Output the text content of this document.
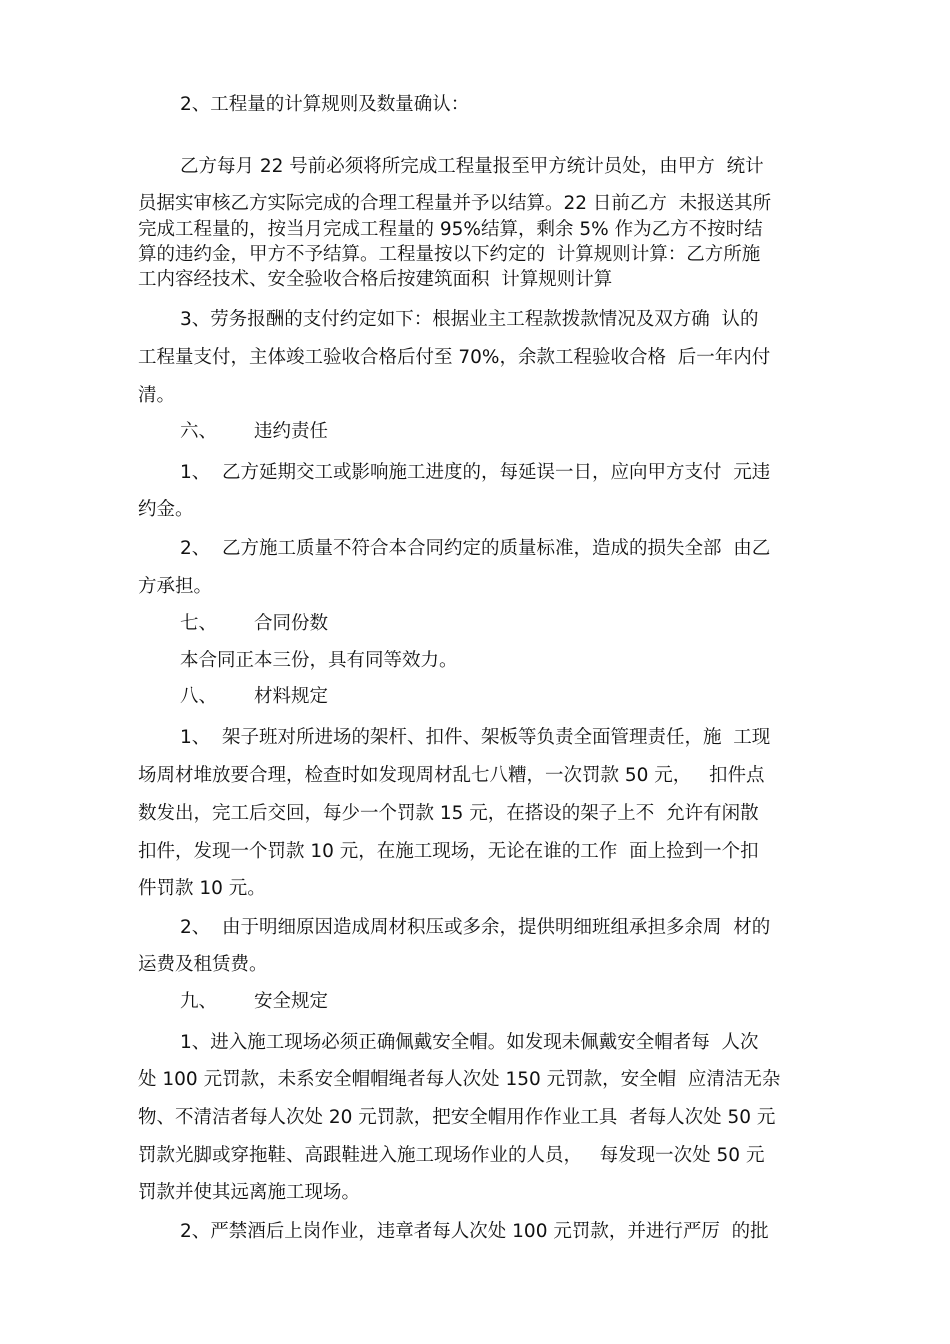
2、工程量的计算规则及数量确认：

乙方每月 22 号前必须将所完成工程量报至甲方统计员处，由甲方  统计

员据实审核乙方实际完成的合理工程量并予以结算。22 日前乙方  未报送其所

完成工程量的，按当月完成工程量的 95%结算，剩余 5% 作为乙方不按时结

算的违约金，甲方不予结算。工程量按以下约定的  计算规则计算：乙方所施

工内容经技术、安全验收合格后按建筑面积  计算规则计算

3、劳务报酬的支付约定如下：根据业主工程款拨款情况及双方确  认的

工程量支付，主体竣工验收合格后付至 70%，余款工程验收合格  后一年内付

清。

六、 违约责任

1、  乙方延期交工或影响施工进度的，每延误一日，应向甲方支付  元违

约金。

2、  乙方施工质量不符合本合同约定的质量标准，造成的损失全部  由乙

方承担。

七、 合同份数

本合同正本三份，具有同等效力。

八、 材料规定

1、  架子班对所进场的架杆、扣件、架板等负责全面管理责任，施  工现

场周材堆放要合理，检查时如发现周材乱七八糟，一次罚款 50 元，   扣件点

数发出，完工后交回，每少一个罚款 15 元，在搭设的架子上不  允许有闲散

扣件，发现一个罚款 10 元，在施工现场，无论在谁的工作  面上捡到一个扣

件罚款 10 元。

2、  由于明细原因造成周材积压或多余，提供明细班组承担多余周  材的

运费及租赁费。

九、 安全规定

1、进入施工现场必须正确佩戴安全帽。如发现未佩戴安全帽者每  人次

处 100 元罚款，未系安全帽帽绳者每人次处 150 元罚款，安全帽  应清洁无杂

物、不清洁者每人次处 20 元罚款，把安全帽用作作业工具  者每人次处 50 元

罚款光脚或穿拖鞋、高跟鞋进入施工现场作业的人员，   每发现一次处 50 元

罚款并使其远离施工现场。

2、严禁酒后上岗作业，违章者每人次处 100 元罚款，并进行严厉  的批
